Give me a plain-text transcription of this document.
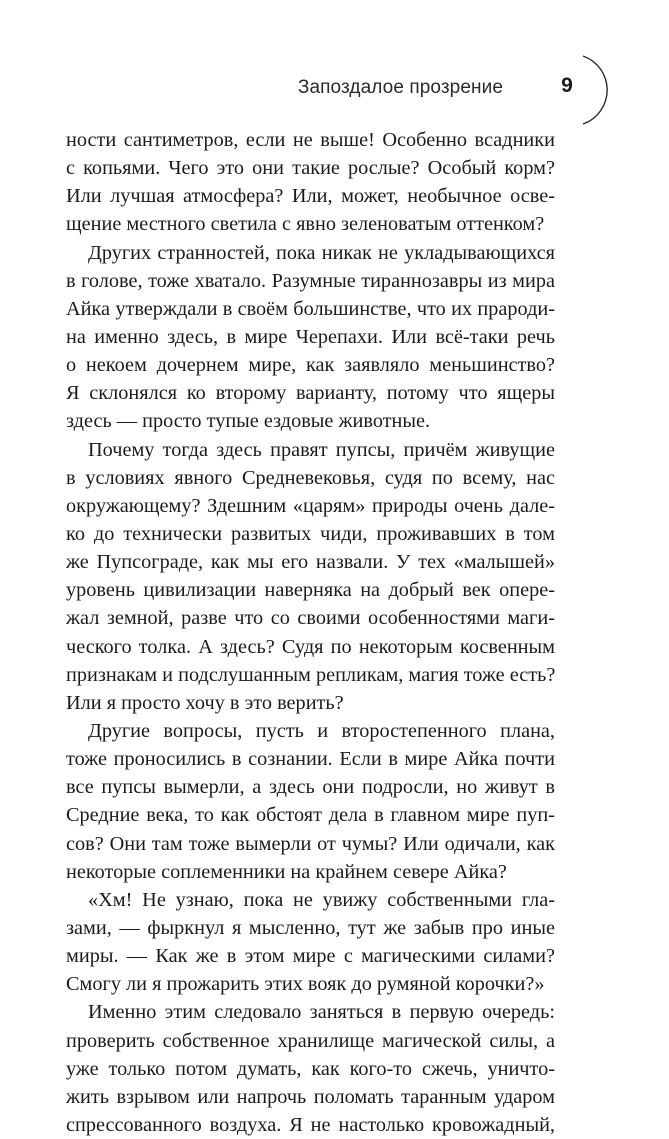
Запоздалое прозрение	9
ности сантиметров, если не выше! Особенно всадники
с копьями. Чего это они такие рослые? Особый корм?
Или лучшая атмосфера? Или, может, необычное осве-
щение местного светила с явно зеленоватым оттенком?
Других странностей, пока никак не укладывающихся
в голове, тоже хватало. Разумные тираннозавры из мира
Айка утверждали в своём большинстве, что их прароди-
на именно здесь, в мире Черепахи. Или всё-таки речь
о некоем дочернем мире, как заявляло меньшинство?
Я склонялся ко второму варианту, потому что ящеры
здесь — просто тупые ездовые животные.
Почему тогда здесь правят пупсы, причём живущие
в условиях явного Средневековья, судя по всему, нас
окружающему? Здешним «царям» природы очень дале-
ко до технически развитых чиди, проживавших в том
же Пупсограде, как мы его назвали. У тех «малышей»
уровень цивилизации наверняка на добрый век опере-
жал земной, разве что со своими особенностями маги-
ческого толка. А здесь? Судя по некоторым косвенным
признакам и подслушанным репликам, магия тоже есть?
Или я просто хочу в это верить?
Другие вопросы, пусть и второстепенного плана,
тоже проносились в сознании. Если в мире Айка почти
все пупсы вымерли, а здесь они подросли, но живут в
Средние века, то как обстоят дела в главном мире пуп-
сов? Они там тоже вымерли от чумы? Или одичали, как
некоторые соплеменники на крайнем севере Айка?
«Хм! Не узнаю, пока не увижу собственными гла-
зами, — фыркнул я мысленно, тут же забыв про иные
миры. — Как же в этом мире с магическими силами?
Смогу ли я прожарить этих вояк до румяной корочки?»
Именно этим следовало заняться в первую очередь:
проверить собственное хранилище магической силы, а
уже только потом думать, как кого-то сжечь, уничто-
жить взрывом или напрочь поломать таранным ударом
спрессованного воздуха. Я не настолько кровожадный,
